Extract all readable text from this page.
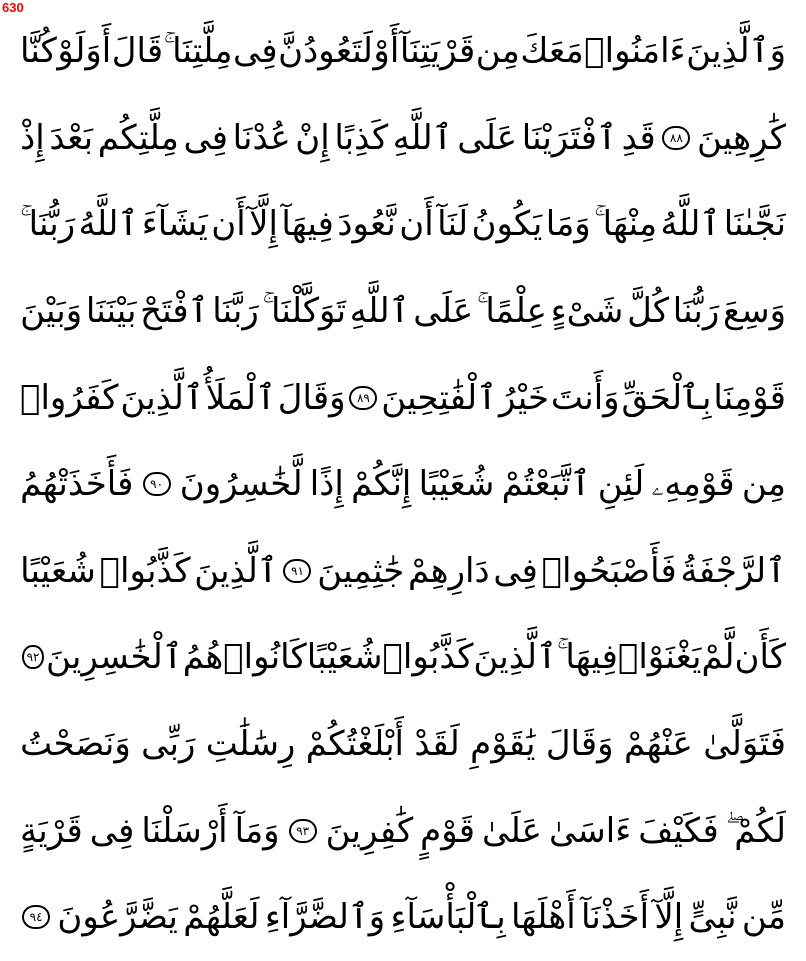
630
وَٱلَّذِينَ
ءَامَنُوا۟
مَعَكَ
مِن
قَرْيَتِنَآ
أَوْ
لَتَعُودُنَّ
فِى
مِلَّتِنَا ۚ
قَالَ
أَوَلَوْ
كُنَّا
كَٰرِهِينَ
٨٨
قَدِ
ٱفْتَرَيْنَا
عَلَى
ٱللَّهِ
كَذِبًا
إِنْ
عُدْنَا
فِى
مِلَّتِكُم
بَعْدَ
إِذْ
نَجَّىٰنَا
ٱللَّهُ
مِنْهَا ۚ
وَمَا
يَكُونُ
لَنَآ
أَن
نَّعُودَ
فِيهَآ
إِلَّآ
أَن
يَشَآءَ
ٱللَّهُ
رَبُّنَا ۚ
وَسِعَ
رَبُّنَا
كُلَّ
شَىْءٍ
عِلْمًا ۚ
عَلَى
ٱللَّهِ
تَوَكَّلْنَا ۚ
رَبَّنَا
ٱفْتَحْ
بَيْنَنَا
وَبَيْنَ
قَوْمِنَا
بِٱلْحَقِّ
وَأَنتَ
خَيْرُ
ٱلْفَٰتِحِينَ
٨٩
وَقَالَ
ٱلْمَلَأُ
ٱلَّذِينَ
كَفَرُوا۟
مِن
قَوْمِهِۦ
لَئِنِ
ٱتَّبَعْتُمْ
شُعَيْبًا
إِنَّكُمْ
إِذًا
لَّخَٰسِرُونَ
٩٠
فَأَخَذَتْهُمُ
ٱلرَّجْفَةُ
فَأَصْبَحُوا۟
فِى
دَارِهِمْ
جَٰثِمِينَ
٩١
ٱلَّذِينَ
كَذَّبُوا۟
شُعَيْبًا
كَأَن
لَّمْ
يَغْنَوْا۟
فِيهَا ۚ
ٱلَّذِينَ
كَذَّبُوا۟
شُعَيْبًا
كَانُوا۟
هُمُ
ٱلْخَٰسِرِينَ
٩٢
فَتَوَلَّىٰ
عَنْهُمْ
وَقَالَ
يَٰقَوْمِ
لَقَدْ
أَبْلَغْتُكُمْ
رِسَٰلَٰتِ
رَبِّى
وَنَصَحْتُ
لَكُمْ ۖ
فَكَيْفَ
ءَاسَىٰ
عَلَىٰ
قَوْمٍ
كَٰفِرِينَ
٩٣
وَمَآ
أَرْسَلْنَا
فِى
قَرْيَةٍ
مِّن
نَّبِىٍّ
إِلَّآ
أَخَذْنَآ
أَهْلَهَا
بِٱلْبَأْسَآءِ
وَٱلضَّرَّآءِ
لَعَلَّهُمْ
يَضَّرَّعُونَ
٩٤
